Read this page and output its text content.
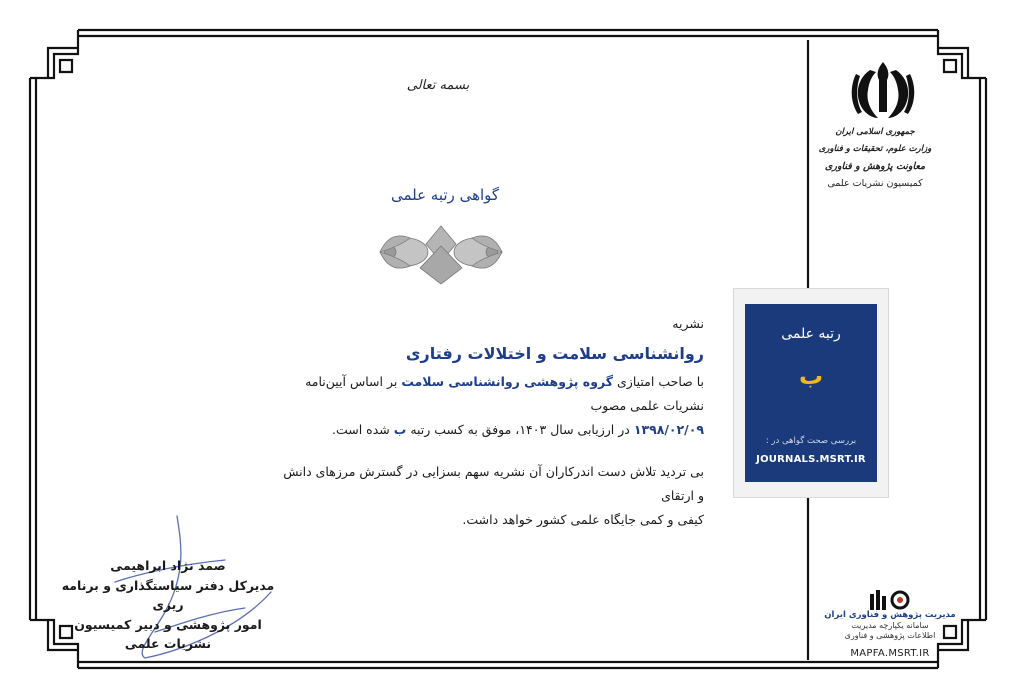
بسمه تعالی
گواهی رتبه علمی
نشریه
روانشناسی سلامت و اختلالات رفتاری
با صاحب امتیازی گروه پژوهشی روانشناسی سلامت بر اساس آیین‌نامه نشریات علمی مصوب
۱۳۹۸/۰۲/۰۹ در ارزیابی سال ۱۴۰۳، موفق به کسب رتبه ب شده است.
بی تردید تلاش دست اندرکاران آن نشریه سهم بسزایی در گسترش مرزهای دانش و ارتقای
کیفی و کمی جایگاه علمی کشور خواهد داشت.
صمد نژاد ابراهیمی
مدیرکل دفتر سیاستگذاری و برنامه ریزی
امور پژوهشی و دبیر کمیسیون
نشریات علمی
جمهوری اسلامی ایران
وزارت علوم، تحقیقات و فناوری
معاونت پژوهش و فناوری
کمیسیون نشریات علمی
رتبه علمی
ب
بررسی صحت گواهی در :
JOURNALS.MSRT.IR
مدیریت پژوهش و فناوری ایران
سامانه یکپارچه مدیریت
اطلاعات پژوهشی و فناوری
MAPFA.MSRT.IR
